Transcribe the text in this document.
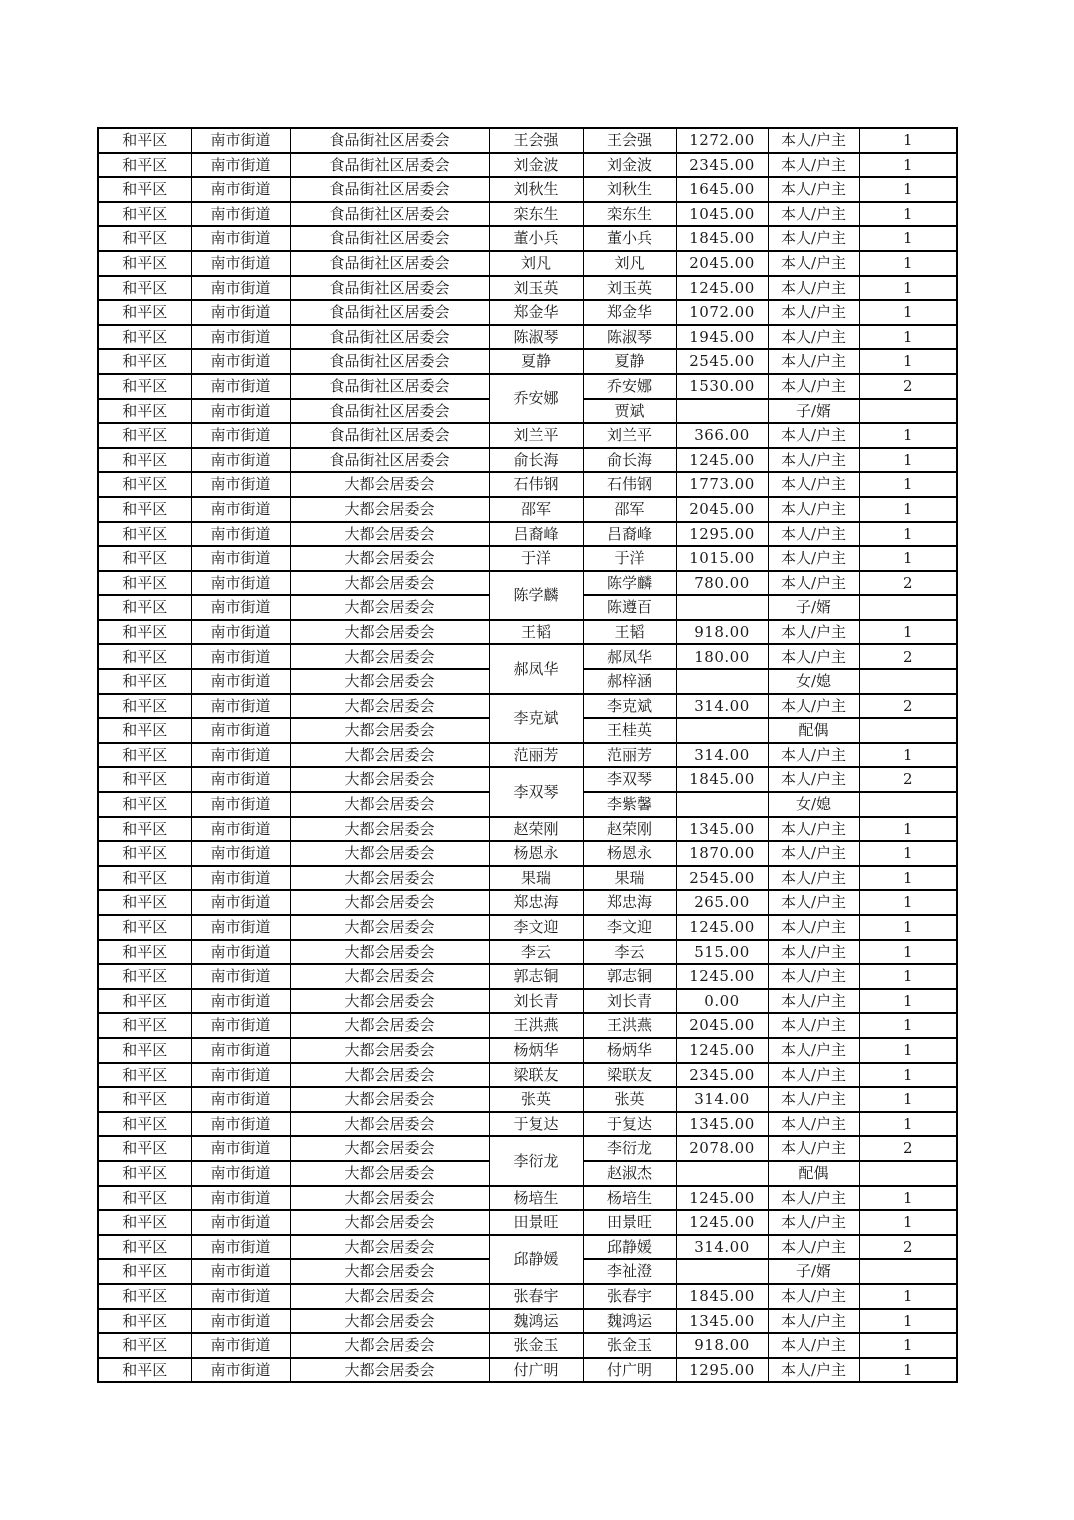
和平区	南市街道	食品街社区居委会	王会强	王会强	1272.00	本人/户主	1
和平区	南市街道	食品街社区居委会	刘金波	刘金波	2345.00	本人/户主	1
和平区	南市街道	食品街社区居委会	刘秋生	刘秋生	1645.00	本人/户主	1
和平区	南市街道	食品街社区居委会	栾东生	栾东生	1045.00	本人/户主	1
和平区	南市街道	食品街社区居委会	董小兵	董小兵	1845.00	本人/户主	1
和平区	南市街道	食品街社区居委会	刘凡	刘凡	2045.00	本人/户主	1
和平区	南市街道	食品街社区居委会	刘玉英	刘玉英	1245.00	本人/户主	1
和平区	南市街道	食品街社区居委会	郑金华	郑金华	1072.00	本人/户主	1
和平区	南市街道	食品街社区居委会	陈淑琴	陈淑琴	1945.00	本人/户主	1
和平区	南市街道	食品街社区居委会	夏静	夏静	2545.00	本人/户主	1
和平区	南市街道	食品街社区居委会	乔安娜	乔安娜	1530.00	本人/户主	2
和平区	南市街道	食品街社区居委会		贾斌		子/婿	
和平区	南市街道	食品街社区居委会	刘兰平	刘兰平	366.00	本人/户主	1
和平区	南市街道	食品街社区居委会	俞长海	俞长海	1245.00	本人/户主	1
和平区	南市街道	大都会居委会	石伟钢	石伟钢	1773.00	本人/户主	1
和平区	南市街道	大都会居委会	邵军	邵军	2045.00	本人/户主	1
和平区	南市街道	大都会居委会	吕裔峰	吕裔峰	1295.00	本人/户主	1
和平区	南市街道	大都会居委会	于洋	于洋	1015.00	本人/户主	1
和平区	南市街道	大都会居委会	陈学麟	陈学麟	780.00	本人/户主	2
和平区	南市街道	大都会居委会		陈遵百		子/婿	
和平区	南市街道	大都会居委会	王韬	王韬	918.00	本人/户主	1
和平区	南市街道	大都会居委会	郝凤华	郝凤华	180.00	本人/户主	2
和平区	南市街道	大都会居委会		郝梓涵		女/媳	
和平区	南市街道	大都会居委会	李克斌	李克斌	314.00	本人/户主	2
和平区	南市街道	大都会居委会		王桂英		配偶	
和平区	南市街道	大都会居委会	范丽芳	范丽芳	314.00	本人/户主	1
和平区	南市街道	大都会居委会	李双琴	李双琴	1845.00	本人/户主	2
和平区	南市街道	大都会居委会		李紫馨		女/媳	
和平区	南市街道	大都会居委会	赵荣刚	赵荣刚	1345.00	本人/户主	1
和平区	南市街道	大都会居委会	杨恩永	杨恩永	1870.00	本人/户主	1
和平区	南市街道	大都会居委会	果瑞	果瑞	2545.00	本人/户主	1
和平区	南市街道	大都会居委会	郑忠海	郑忠海	265.00	本人/户主	1
和平区	南市街道	大都会居委会	李文迎	李文迎	1245.00	本人/户主	1
和平区	南市街道	大都会居委会	李云	李云	515.00	本人/户主	1
和平区	南市街道	大都会居委会	郭志铜	郭志铜	1245.00	本人/户主	1
和平区	南市街道	大都会居委会	刘长青	刘长青	0.00	本人/户主	1
和平区	南市街道	大都会居委会	王洪燕	王洪燕	2045.00	本人/户主	1
和平区	南市街道	大都会居委会	杨炳华	杨炳华	1245.00	本人/户主	1
和平区	南市街道	大都会居委会	梁联友	梁联友	2345.00	本人/户主	1
和平区	南市街道	大都会居委会	张英	张英	314.00	本人/户主	1
和平区	南市街道	大都会居委会	于复达	于复达	1345.00	本人/户主	1
和平区	南市街道	大都会居委会	李衍龙	李衍龙	2078.00	本人/户主	2
和平区	南市街道	大都会居委会		赵淑杰		配偶	
和平区	南市街道	大都会居委会	杨培生	杨培生	1245.00	本人/户主	1
和平区	南市街道	大都会居委会	田景旺	田景旺	1245.00	本人/户主	1
和平区	南市街道	大都会居委会	邱静媛	邱静媛	314.00	本人/户主	2
和平区	南市街道	大都会居委会		李祉澄		子/婿	
和平区	南市街道	大都会居委会	张春宇	张春宇	1845.00	本人/户主	1
和平区	南市街道	大都会居委会	魏鸿运	魏鸿运	1345.00	本人/户主	1
和平区	南市街道	大都会居委会	张金玉	张金玉	918.00	本人/户主	1
和平区	南市街道	大都会居委会	付广明	付广明	1295.00	本人/户主	1
